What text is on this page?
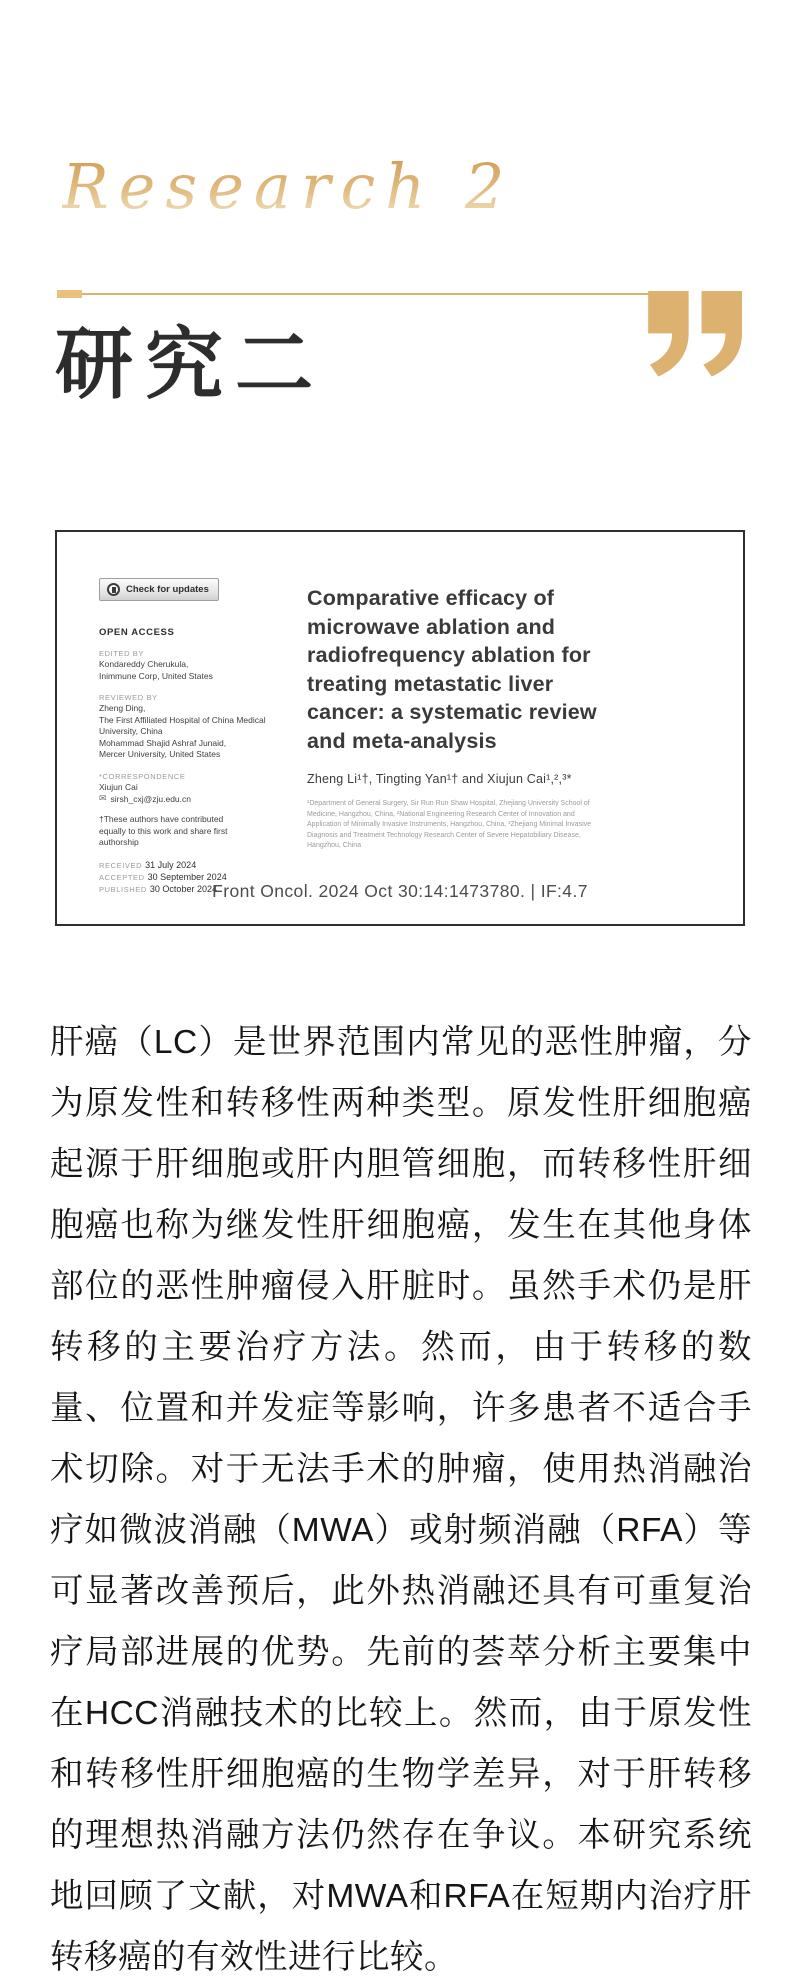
Research 2
研究二
Check for updates
OPEN ACCESS
EDITED BY
Kondareddy Cherukula,
Inimmune Corp, United States
REVIEWED BY
Zheng Ding,
The First Affiliated Hospital of China Medical University, China
Mohammad Shajid Ashraf Junaid,
Mercer University, United States
*CORRESPONDENCE
Xiujun Cai
✉ sirsh_cxj@zju.edu.cn
†These authors have contributed equally to this work and share first authorship
RECEIVED 31 July 2024
ACCEPTED 30 September 2024
PUBLISHED 30 October 2024
Comparative efficacy of microwave ablation and radiofrequency ablation for treating metastatic liver cancer: a systematic review and meta-analysis
Zheng Li¹†, Tingting Yan¹† and Xiujun Cai¹,²,³*
¹Department of General Surgery, Sir Run Run Shaw Hospital, Zhejiang University School of Medicine, Hangzhou, China, ²National Engineering Research Center of Innovation and Application of Minimally Invasive Instruments, Hangzhou, China, ³Zhejiang Minimal Invasive Diagnosis and Treatment Technology Research Center of Severe Hepatobiliary Disease, Hangzhou, China
Front Oncol. 2024 Oct 30:14:1473780. | IF:4.7

肝癌（LC）是世界范围内常见的恶性肿瘤，分为原发性和转移性两种类型。原发性肝细胞癌起源于肝细胞或肝内胆管细胞，而转移性肝细胞癌也称为继发性肝细胞癌，发生在其他身体部位的恶性肿瘤侵入肝脏时。虽然手术仍是肝转移的主要治疗方法。然而，由于转移的数量、位置和并发症等影响，许多患者不适合手术切除。对于无法手术的肿瘤，使用热消融治疗如微波消融（MWA）或射频消融（RFA）等可显著改善预后，此外热消融还具有可重复治疗局部进展的优势。先前的荟萃分析主要集中在HCC消融技术的比较上。然而，由于原发性和转移性肝细胞癌的生物学差异，对于肝转移的理想热消融方法仍然存在争议。本研究系统地回顾了文献，对MWA和RFA在短期内治疗肝转移癌的有效性进行比较。
